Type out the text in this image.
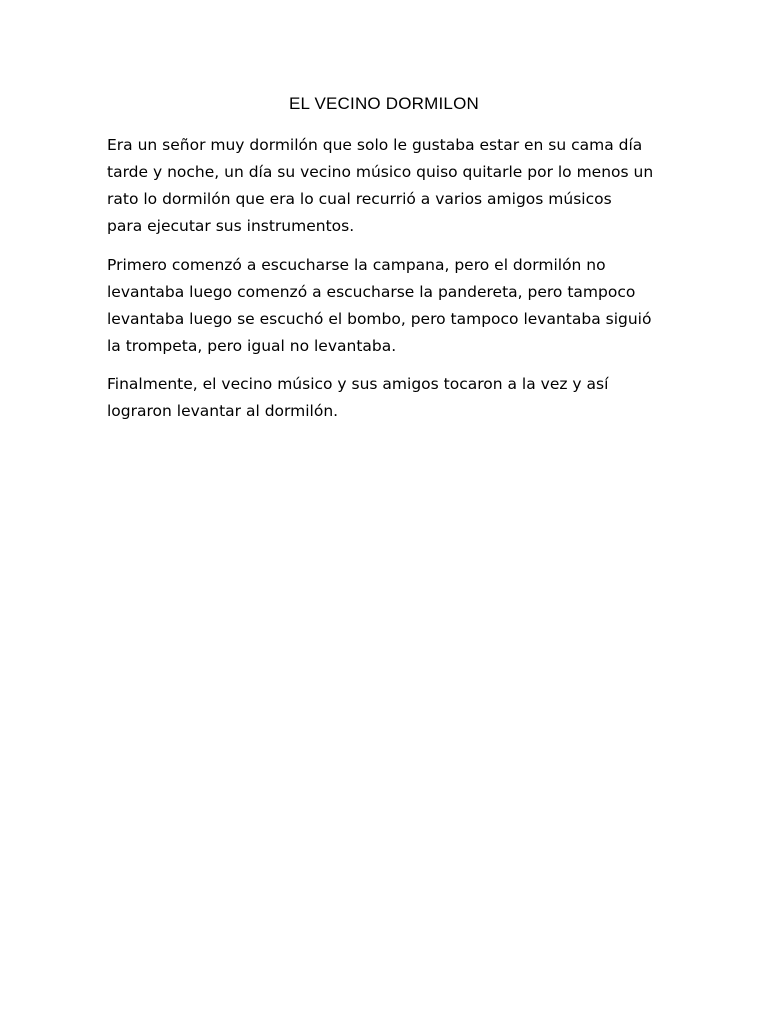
EL VECINO DORMILON
Era un señor muy dormilón que solo le gustaba estar en su cama día
tarde y noche, un día su vecino músico quiso quitarle por lo menos un
rato lo dormilón que era lo cual recurrió a varios amigos músicos
para ejecutar sus instrumentos.
Primero comenzó a escucharse la campana, pero el dormilón no
levantaba luego comenzó a escucharse la pandereta, pero tampoco
levantaba luego se escuchó el bombo, pero tampoco levantaba siguió
la trompeta, pero igual no levantaba.
Finalmente, el vecino músico y sus amigos tocaron a la vez y así
lograron levantar al dormilón.
